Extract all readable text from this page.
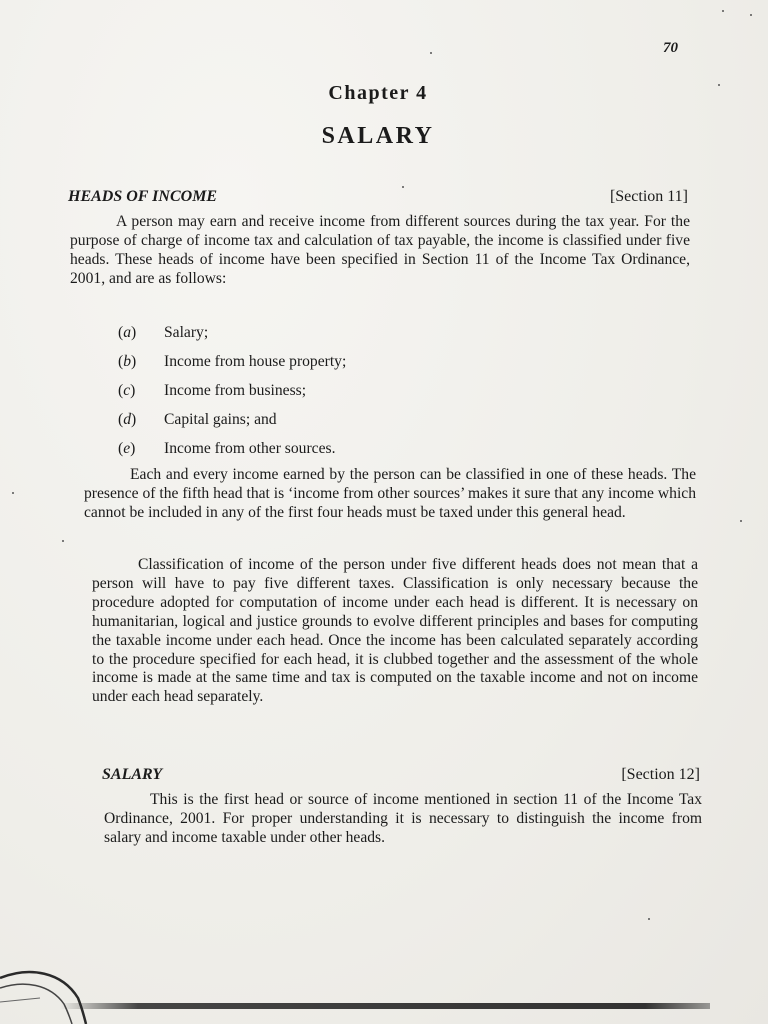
70
Chapter 4
SALARY
HEADS OF INCOME	[Section 11]

A person may earn and receive income from different sources during the tax year. For the purpose of charge of income tax and calculation of tax payable, the income is classified under five heads. These heads of income have been specified in Section 11 of the Income Tax Ordinance, 2001, and are as follows:

(a)	Salary;
(b)	Income from house property;
(c)	Income from business;
(d)	Capital gains; and
(e)	Income from other sources.

Each and every income earned by the person can be classified in one of these heads. The presence of the fifth head that is ‘income from other sources’ makes it sure that any income which cannot be included in any of the first four heads must be taxed under this general head.

Classification of income of the person under five different heads does not mean that a person will have to pay five different taxes. Classification is only necessary because the procedure adopted for computation of income under each head is different. It is necessary on humanitarian, logical and justice grounds to evolve different principles and bases for computing the taxable income under each head. Once the income has been calculated separately according to the procedure specified for each head, it is clubbed together and the assessment of the whole income is made at the same time and tax is computed on the taxable income and not on income under each head separately.

SALARY	[Section 12]

This is the first head or source of income mentioned in section 11 of the Income Tax Ordinance, 2001. For proper understanding it is necessary to distinguish the income from salary and income taxable under other heads.
